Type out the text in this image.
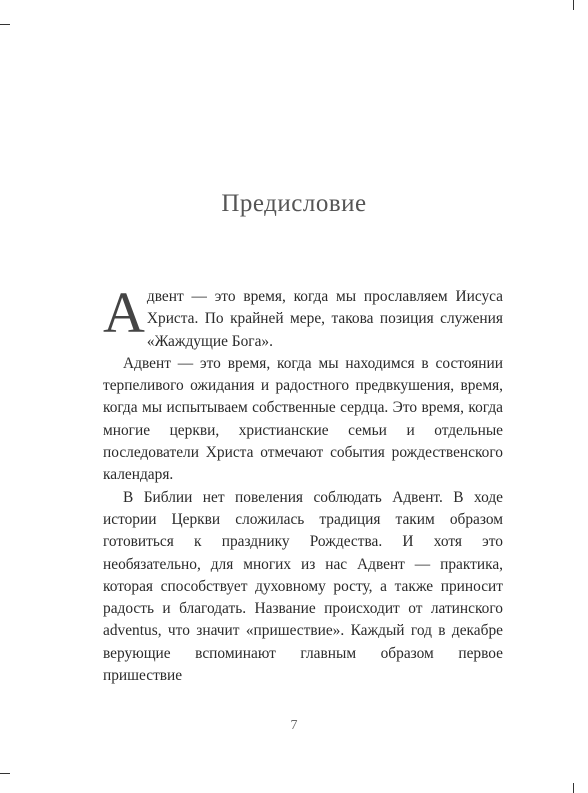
Предисловие

Адвент — это время, когда мы прославляем Иисуса Христа. По крайней мере, такова позиция служения «Жаждущие Бога».

Адвент — это время, когда мы находимся в состоянии терпеливого ожидания и радостного предвкушения, время, когда мы испытываем собственные сердца. Это время, когда многие церкви, христианские семьи и отдельные последователи Христа отмечают события рождественского календаря.

В Библии нет повеления соблюдать Адвент. В ходе истории Церкви сложилась традиция таким образом готовиться к празднику Рождества. И хотя это необязательно, для многих из нас Адвент — практика, которая способствует духовному росту, а также приносит радость и благодать. Название происходит от латинского adventus, что значит «пришествие». Каждый год в декабре верующие вспоминают главным образом первое пришествие

7
